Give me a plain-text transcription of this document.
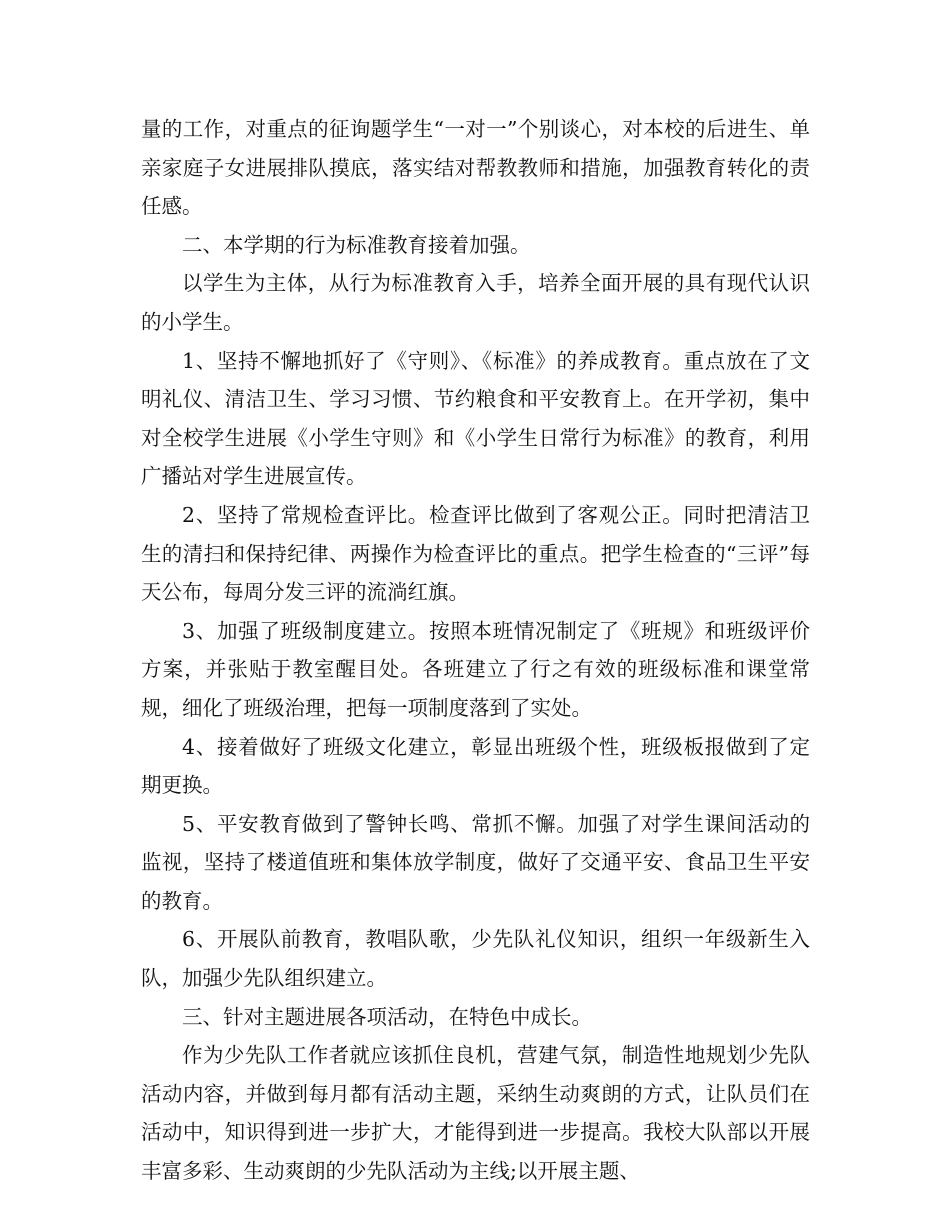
量的工作，对重点的征询题学生“一对一”个别谈心，对本校的后进生、单亲家庭子女进展排队摸底，落实结对帮教教师和措施，加强教育转化的责任感。

二、本学期的行为标准教育接着加强。

以学生为主体，从行为标准教育入手，培养全面开展的具有现代认识的小学生。

1、坚持不懈地抓好了《守则》、《标准》的养成教育。重点放在了文明礼仪、清洁卫生、学习习惯、节约粮食和平安教育上。在开学初，集中对全校学生进展《小学生守则》和《小学生日常行为标准》的教育，利用广播站对学生进展宣传。

2、坚持了常规检查评比。检查评比做到了客观公正。同时把清洁卫生的清扫和保持纪律、两操作为检查评比的重点。把学生检查的“三评”每天公布，每周分发三评的流淌红旗。

3、加强了班级制度建立。按照本班情况制定了《班规》和班级评价方案，并张贴于教室醒目处。各班建立了行之有效的班级标准和课堂常规，细化了班级治理，把每一项制度落到了实处。

4、接着做好了班级文化建立，彰显出班级个性，班级板报做到了定期更换。

5、平安教育做到了警钟长鸣、常抓不懈。加强了对学生课间活动的监视，坚持了楼道值班和集体放学制度，做好了交通平安、食品卫生平安的教育。

6、开展队前教育，教唱队歌，少先队礼仪知识，组织一年级新生入队，加强少先队组织建立。

三、针对主题进展各项活动，在特色中成长。

作为少先队工作者就应该抓住良机，营建气氛，制造性地规划少先队活动内容，并做到每月都有活动主题，采纳生动爽朗的方式，让队员们在活动中，知识得到进一步扩大，才能得到进一步提高。我校大队部以开展丰富多彩、生动爽朗的少先队活动为主线;以开展主题、
